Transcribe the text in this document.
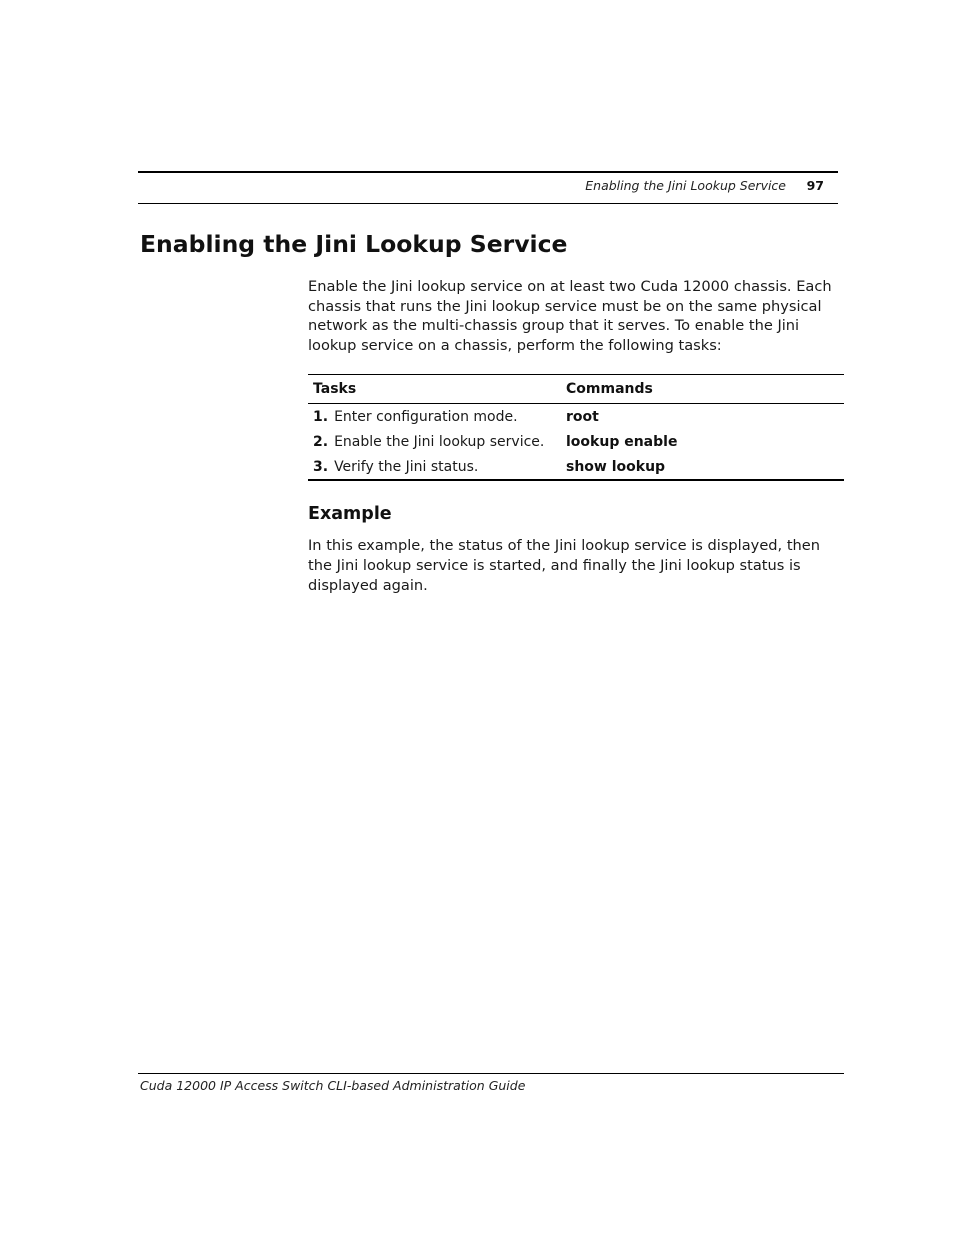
Enabling the Jini Lookup Service	97
Enabling the Jini Lookup Service

Enable the Jini lookup service on at least two Cuda 12000 chassis. Each chassis that runs the Jini lookup service must be on the same physical network as the multi-chassis group that it serves. To enable the Jini lookup service on a chassis, perform the following tasks:

Tasks	Commands
1. Enter configuration mode.	root
2. Enable the Jini lookup service.	lookup enable
3. Verify the Jini status.	show lookup
Example

In this example, the status of the Jini lookup service is displayed, then the Jini lookup service is started, and finally the Jini lookup status is displayed again.

Cuda 12000 IP Access Switch CLI-based Administration Guide
